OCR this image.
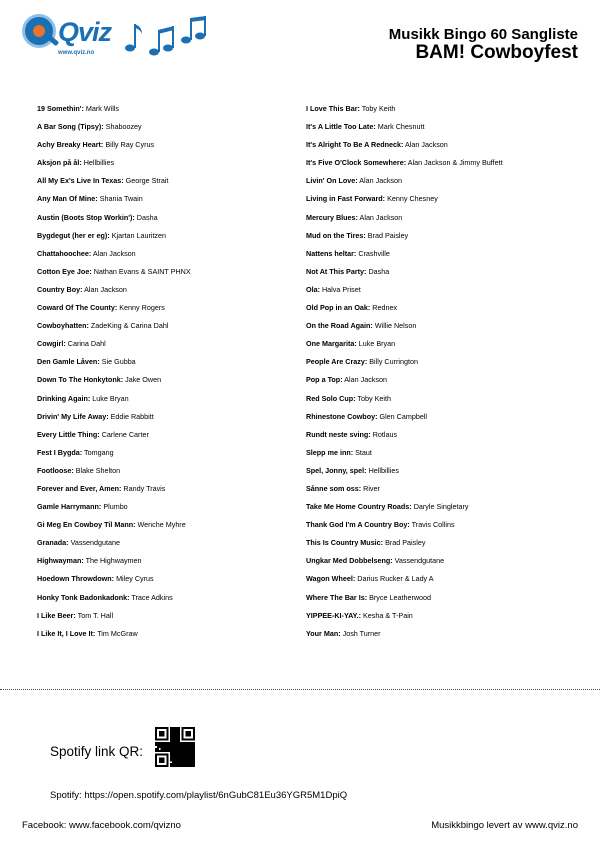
Qviz
www.qviz.no
Musikk Bingo 60 Sangliste
BAM! Cowboyfest
19 Somethin': Mark Wills
A Bar Song (Tipsy): Shaboozey
Achy Breaky Heart: Billy Ray Cyrus
Aksjon på ål: Hellbillies
All My Ex's Live In Texas: George Strait
Any Man Of Mine: Shania Twain
Austin (Boots Stop Workin'): Dasha
Bygdegut (her er eg): Kjartan Lauritzen
Chattahoochee: Alan Jackson
Cotton Eye Joe: Nathan Evans & SAINT PHNX
Country Boy: Alan Jackson
Coward Of The County: Kenny Rogers
Cowboyhatten: ZadeKing & Carina Dahl
Cowgirl: Carina Dahl
Den Gamle Låven: Sie Gubba
Down To The Honkytonk: Jake Owen
Drinking Again: Luke Bryan
Drivin' My Life Away: Eddie Rabbitt
Every Little Thing: Carlene Carter
Fest I Bygda: Tomgang
Footloose: Blake Shelton
Forever and Ever, Amen: Randy Travis
Gamle Harrymann: Plumbo
Gi Meg En Cowboy Til Mann: Wenche Myhre
Granada: Vassendgutane
Highwayman: The Highwaymen
Hoedown Throwdown: Miley Cyrus
Honky Tonk Badonkadonk: Trace Adkins
I Like Beer: Tom T. Hall
I Like It, I Love It: Tim McGraw
I Love This Bar: Toby Keith
It's A Little Too Late: Mark Chesnutt
It's Alright To Be A Redneck: Alan Jackson
It's Five O'Clock Somewhere: Alan Jackson & Jimmy Buffett
Livin' On Love: Alan Jackson
Living in Fast Forward: Kenny Chesney
Mercury Blues: Alan Jackson
Mud on the Tires: Brad Paisley
Nattens heltar: Crashville
Not At This Party: Dasha
Ola: Halva Priset
Old Pop in an Oak: Rednex
On the Road Again: Willie Nelson
One Margarita: Luke Bryan
People Are Crazy: Billy Currington
Pop a Top: Alan Jackson
Red Solo Cup: Toby Keith
Rhinestone Cowboy: Glen Campbell
Rundt neste sving: Rotlaus
Slepp me inn: Staut
Spel, Jonny, spel: Hellbillies
Sånne som oss: River
Take Me Home Country Roads: Daryle Singletary
Thank God I'm A Country Boy: Travis Collins
This Is Country Music: Brad Paisley
Ungkar Med Dobbelseng: Vassendgutane
Wagon Wheel: Darius Rucker & Lady A
Where The Bar Is: Bryce Leatherwood
YIPPEE-KI-YAY.: Kesha & T-Pain
Your Man: Josh Turner
Spotify link QR:
Spotify: https://open.spotify.com/playlist/6nGubC81Eu36YGR5M1DpiQ
Facebook: www.facebook.com/qvizno	Musikkbingo levert av www.qviz.no
